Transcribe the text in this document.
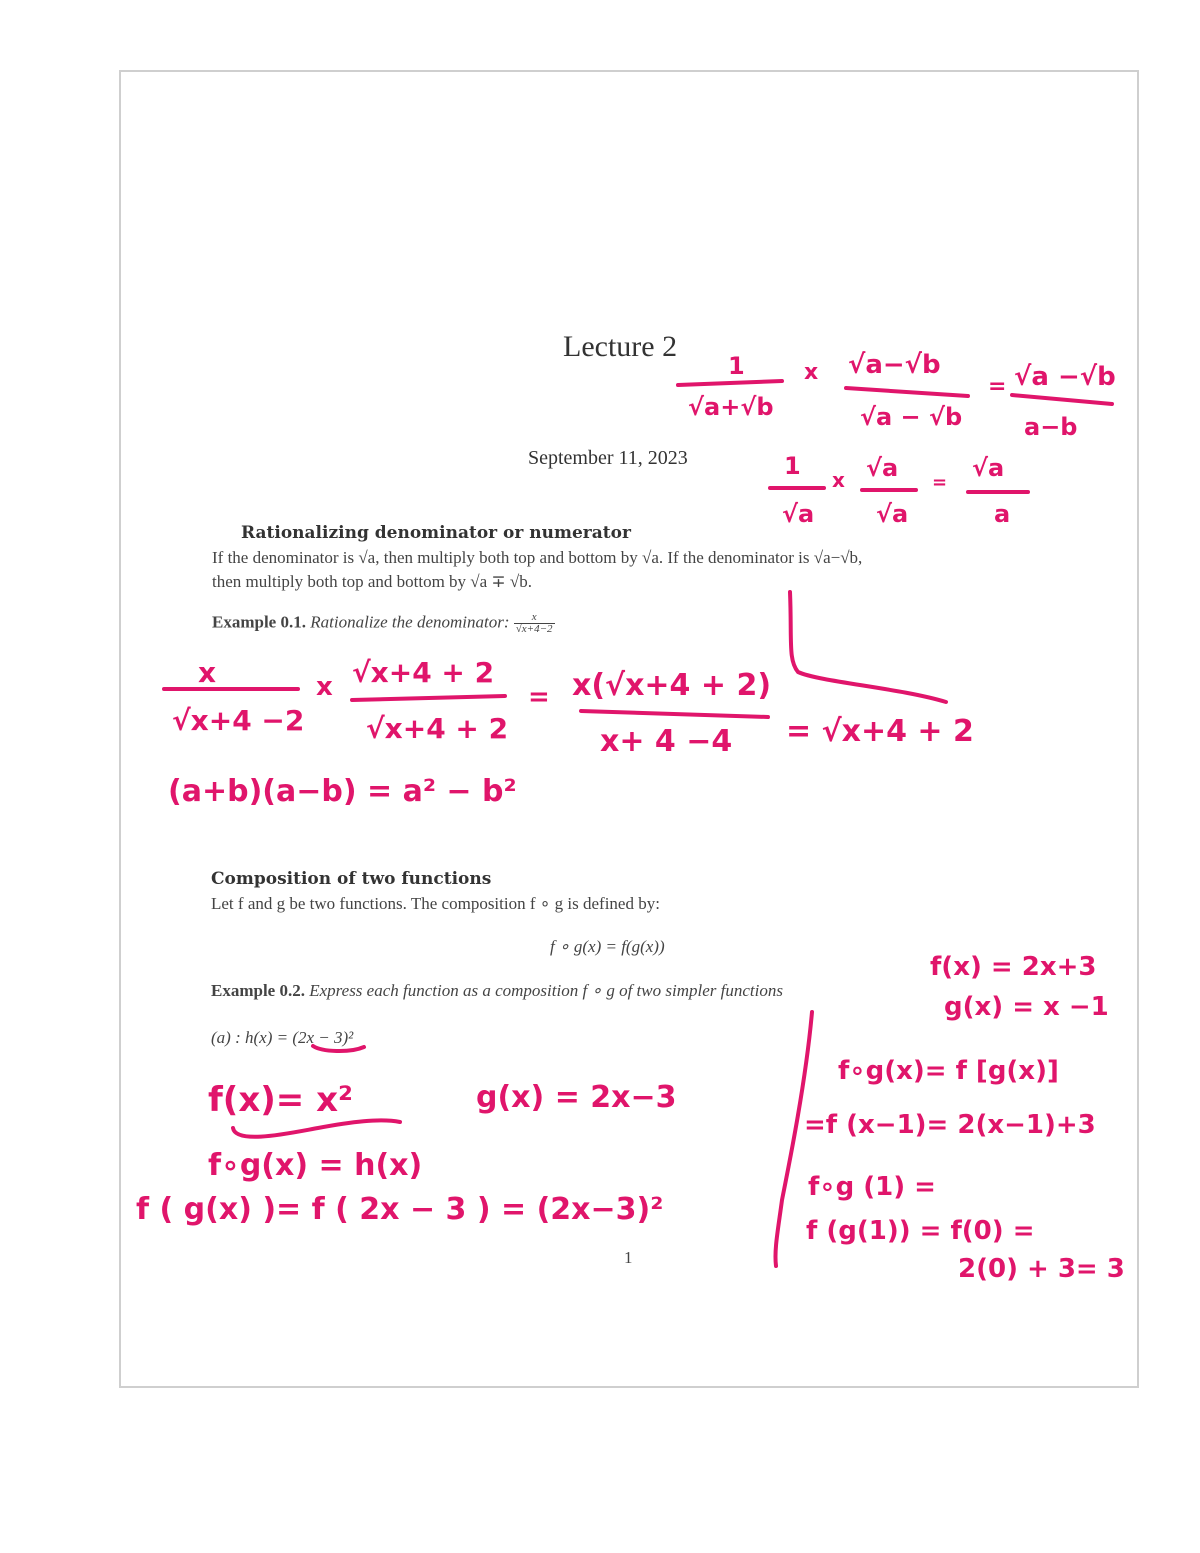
Lecture 2
September 11, 2023
Rationalizing denominator or numerator
If the denominator is √a, then multiply both top and bottom by √a. If the denominator is √a−√b,
then multiply both top and bottom by √a ∓ √b.
Example 0.1. Rationalize the denominator: $\frac{x}{√x+4-2}$
Composition of two functions
Let f and g be two functions. The composition f ∘ g is defined by:
f ∘ g(x) = f(g(x))
Example 0.2. Express each function as a composition f ∘ g of two simpler functions
(a) : h(x) = (2x − 3)²
1
1
√a+√b
x √a−√b
√a − √b
= √a −√b
a−b
1
√a
x √a
√a
=
√a
a
x
√x+4 −2
x √x+4 + 2
√x+4 + 2
= x(√x+4 + 2)
x+ 4 −4 = √x+4 + 2
(a+b)(a−b) = a² − b²
f(x) = 2x+3
g(x) = x −1
f∘g(x)= f [g(x)]
=f (x−1)= 2(x−1)+3
f∘g (1) =
f (g(1)) = f(0) =
2(0) + 3= 3
f(x)= x²	g(x) = 2x−3
f∘g(x) = h(x)
f ( g(x) )= f ( 2x − 3 ) = (2x−3)²
